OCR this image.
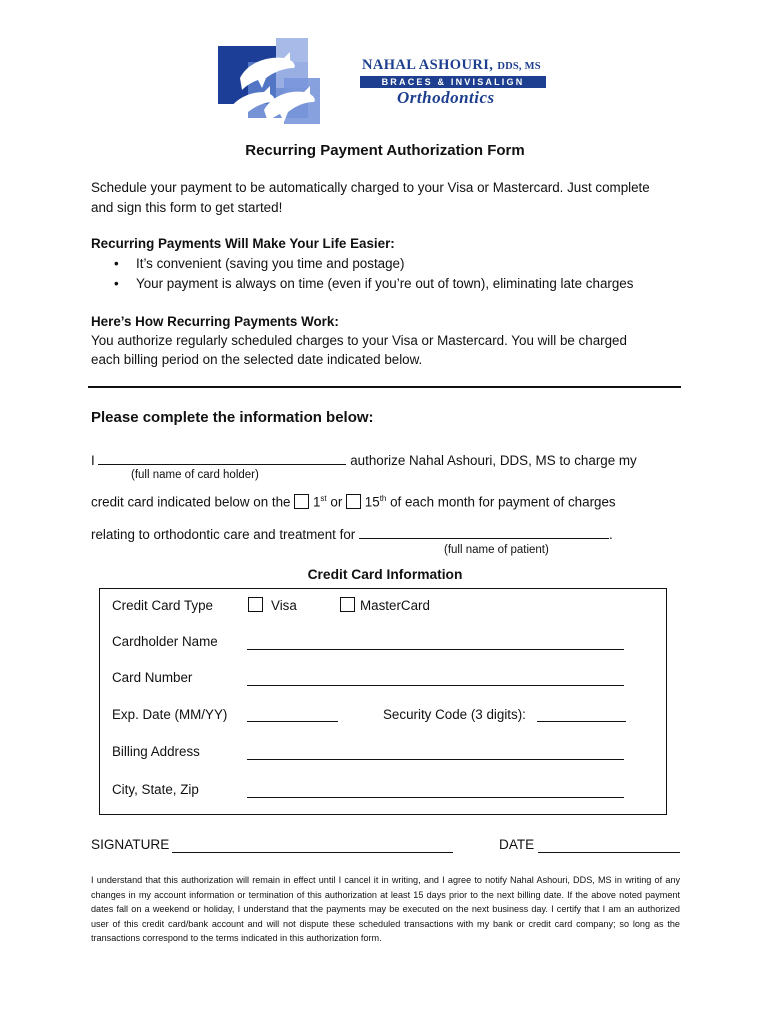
NAHAL ASHOURI, DDS, MS
BRACES & INVISALIGN
Orthodontics
Recurring Payment Authorization Form
Schedule your payment to be automatically charged to your Visa or Mastercard. Just complete
and sign this form to get started!
Recurring Payments Will Make Your Life Easier:
• It’s convenient (saving you time and postage)
• Your payment is always on time (even if you’re out of town), eliminating late charges
Here’s How Recurring Payments Work:
You authorize regularly scheduled charges to your Visa or Mastercard. You will be charged
each billing period on the selected date indicated below.
Please complete the information below:
I	authorize Nahal Ashouri, DDS, MS to charge my
(full name of card holder)
credit card indicated below on the 1st or 15th of each month for payment of charges
relating to orthodontic care and treatment for	.
(full name of patient)
Credit Card Information
Credit Card Type	Visa	MasterCard
Cardholder Name
Card Number
Exp. Date (MM/YY)	Security Code (3 digits):
Billing Address
City, State, Zip
SIGNATURE	DATE
I understand that this authorization will remain in effect until I cancel it in writing, and I agree to notify Nahal Ashouri, DDS, MS in writing of any changes in my account information or termination of this authorization at least 15 days prior to the next billing date. If the above noted payment dates fall on a weekend or holiday, I understand that the payments may be executed on the next business day. I certify that I am an authorized user of this credit card/bank account and will not dispute these scheduled transactions with my bank or credit card company; so long as the transactions correspond to the terms indicated in this authorization form.
